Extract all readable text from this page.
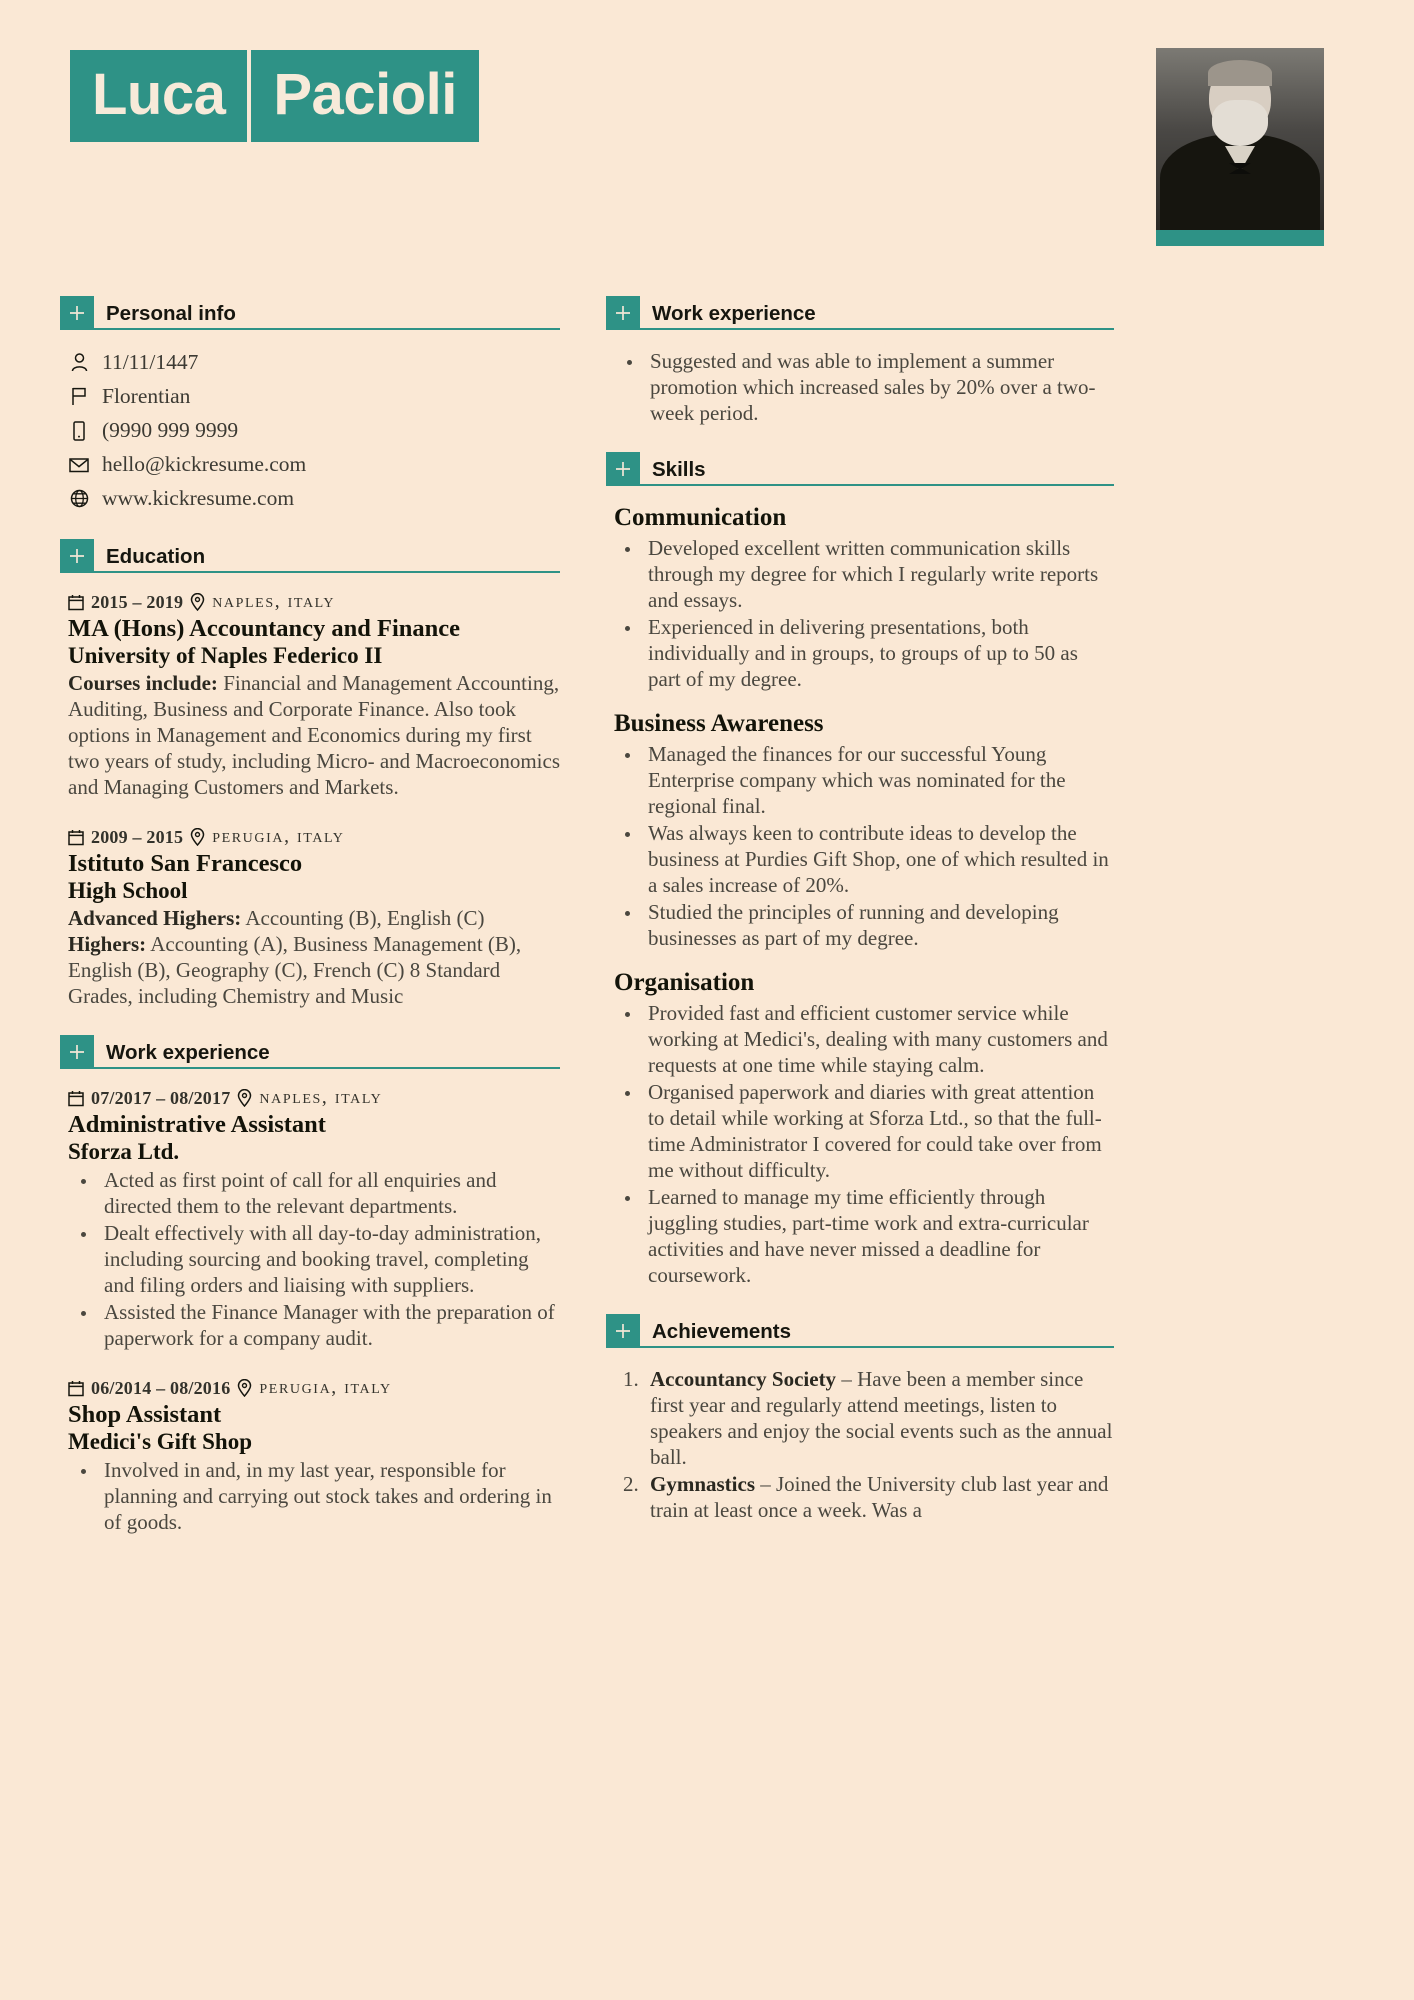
Luca Pacioli
Personal info
11/11/1447
Florentian
(9990 999 9999
hello@kickresume.com
www.kickresume.com
Education
2015 – 2019 naples, italy
MA (Hons) Accountancy and Finance
University of Naples Federico II
Courses include: Financial and Management Accounting, Auditing, Business and Corporate Finance. Also took options in Management and Economics during my first two years of study, including Micro- and Macroeconomics and Managing Customers and Markets.
2009 – 2015 perugia, italy
Istituto San Francesco
High School
Advanced Highers: Accounting (B), English (C)
Highers: Accounting (A), Business Management (B), English (B), Geography (C), French (C) 8 Standard Grades, including Chemistry and Music
Work experience
07/2017 – 08/2017 naples, italy
Administrative Assistant
Sforza Ltd.
• Acted as first point of call for all enquiries and directed them to the relevant departments.
• Dealt effectively with all day-to-day administration, including sourcing and booking travel, completing and filing orders and liaising with suppliers.
• Assisted the Finance Manager with the preparation of paperwork for a company audit.
06/2014 – 08/2016 perugia, italy
Shop Assistant
Medici's Gift Shop
• Involved in and, in my last year, responsible for planning and carrying out stock takes and ordering in of goods.
Work experience
• Suggested and was able to implement a summer promotion which increased sales by 20% over a two-week period.
Skills
Communication
• Developed excellent written communication skills through my degree for which I regularly write reports and essays.
• Experienced in delivering presentations, both individually and in groups, to groups of up to 50 as part of my degree.
Business Awareness
• Managed the finances for our successful Young Enterprise company which was nominated for the regional final.
• Was always keen to contribute ideas to develop the business at Purdies Gift Shop, one of which resulted in a sales increase of 20%.
• Studied the principles of running and developing businesses as part of my degree.
Organisation
• Provided fast and efficient customer service while working at Medici's, dealing with many customers and requests at one time while staying calm.
• Organised paperwork and diaries with great attention to detail while working at Sforza Ltd., so that the full-time Administrator I covered for could take over from me without difficulty.
• Learned to manage my time efficiently through juggling studies, part-time work and extra-curricular activities and have never missed a deadline for coursework.
Achievements
1. Accountancy Society – Have been a member since first year and regularly attend meetings, listen to speakers and enjoy the social events such as the annual ball.
2. Gymnastics – Joined the University club last year and train at least once a week. Was a
